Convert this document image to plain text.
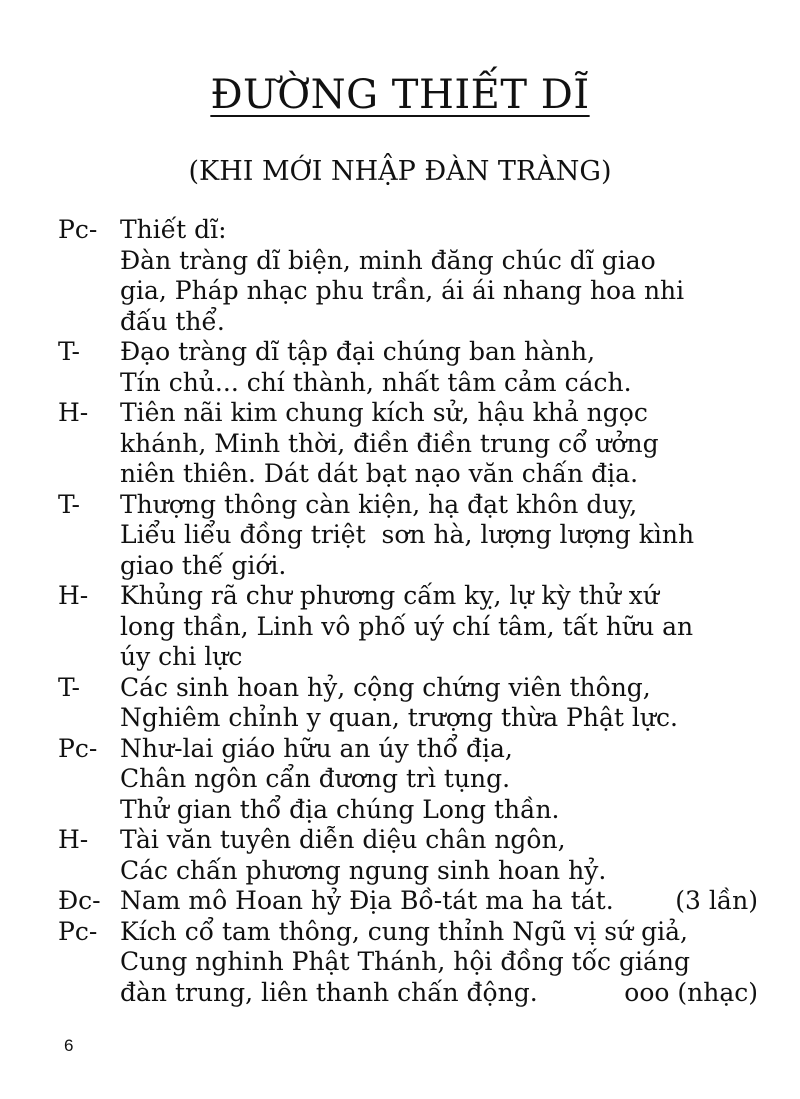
ĐƯỜNG THIẾT DĨ

(KHI MỚI NHẬP ĐÀN TRÀNG)

Pc- Thiết dĩ:
Đàn tràng dĩ biện, minh đăng chúc dĩ giao
gia, Pháp nhạc phu trần, ái ái nhang hoa nhi
đấu thể.
T-	Đạo tràng dĩ tập đại chúng ban hành,
Tín chủ... chí thành, nhất tâm cảm cách.
H-	Tiên nãi kim chung kích sử, hậu khả ngọc
khánh, Minh thời, điền điền trung cổ ưởng
niên thiên. Dát dát bạt nạo văn chấn địa.
T-	Thượng thông càn kiện, hạ đạt khôn duy,
Liểu liểu đồng triệt  sơn hà, lượng lượng kình
giao thế giới.
H-	Khủng rã chư phương cấm kỵ, lự kỳ thử xứ
long thần, Linh vô phố uý chí tâm, tất hữu an
úy chi lực
T-	Các sinh hoan hỷ, cộng chứng viên thông,
Nghiêm chỉnh y quan, trượng thừa Phật lực.
Pc- Như-lai giáo hữu an úy thổ địa,
Chân ngôn cẩn đương trì tụng.
Thử gian thổ địa chúng Long thần.
H-	Tài văn tuyên diễn diệu chân ngôn,
Các chấn phương ngung sinh hoan hỷ.
Đc- Nam mô Hoan hỷ Địa Bồ-tát ma ha tát. (3 lần)
Pc- Kích cổ tam thông, cung thỉnh Ngũ vị sứ giả,
Cung nghinh Phật Thánh, hội đồng tốc giáng
đàn trung, liên thanh chấn động.	ooo (nhạc)
6
